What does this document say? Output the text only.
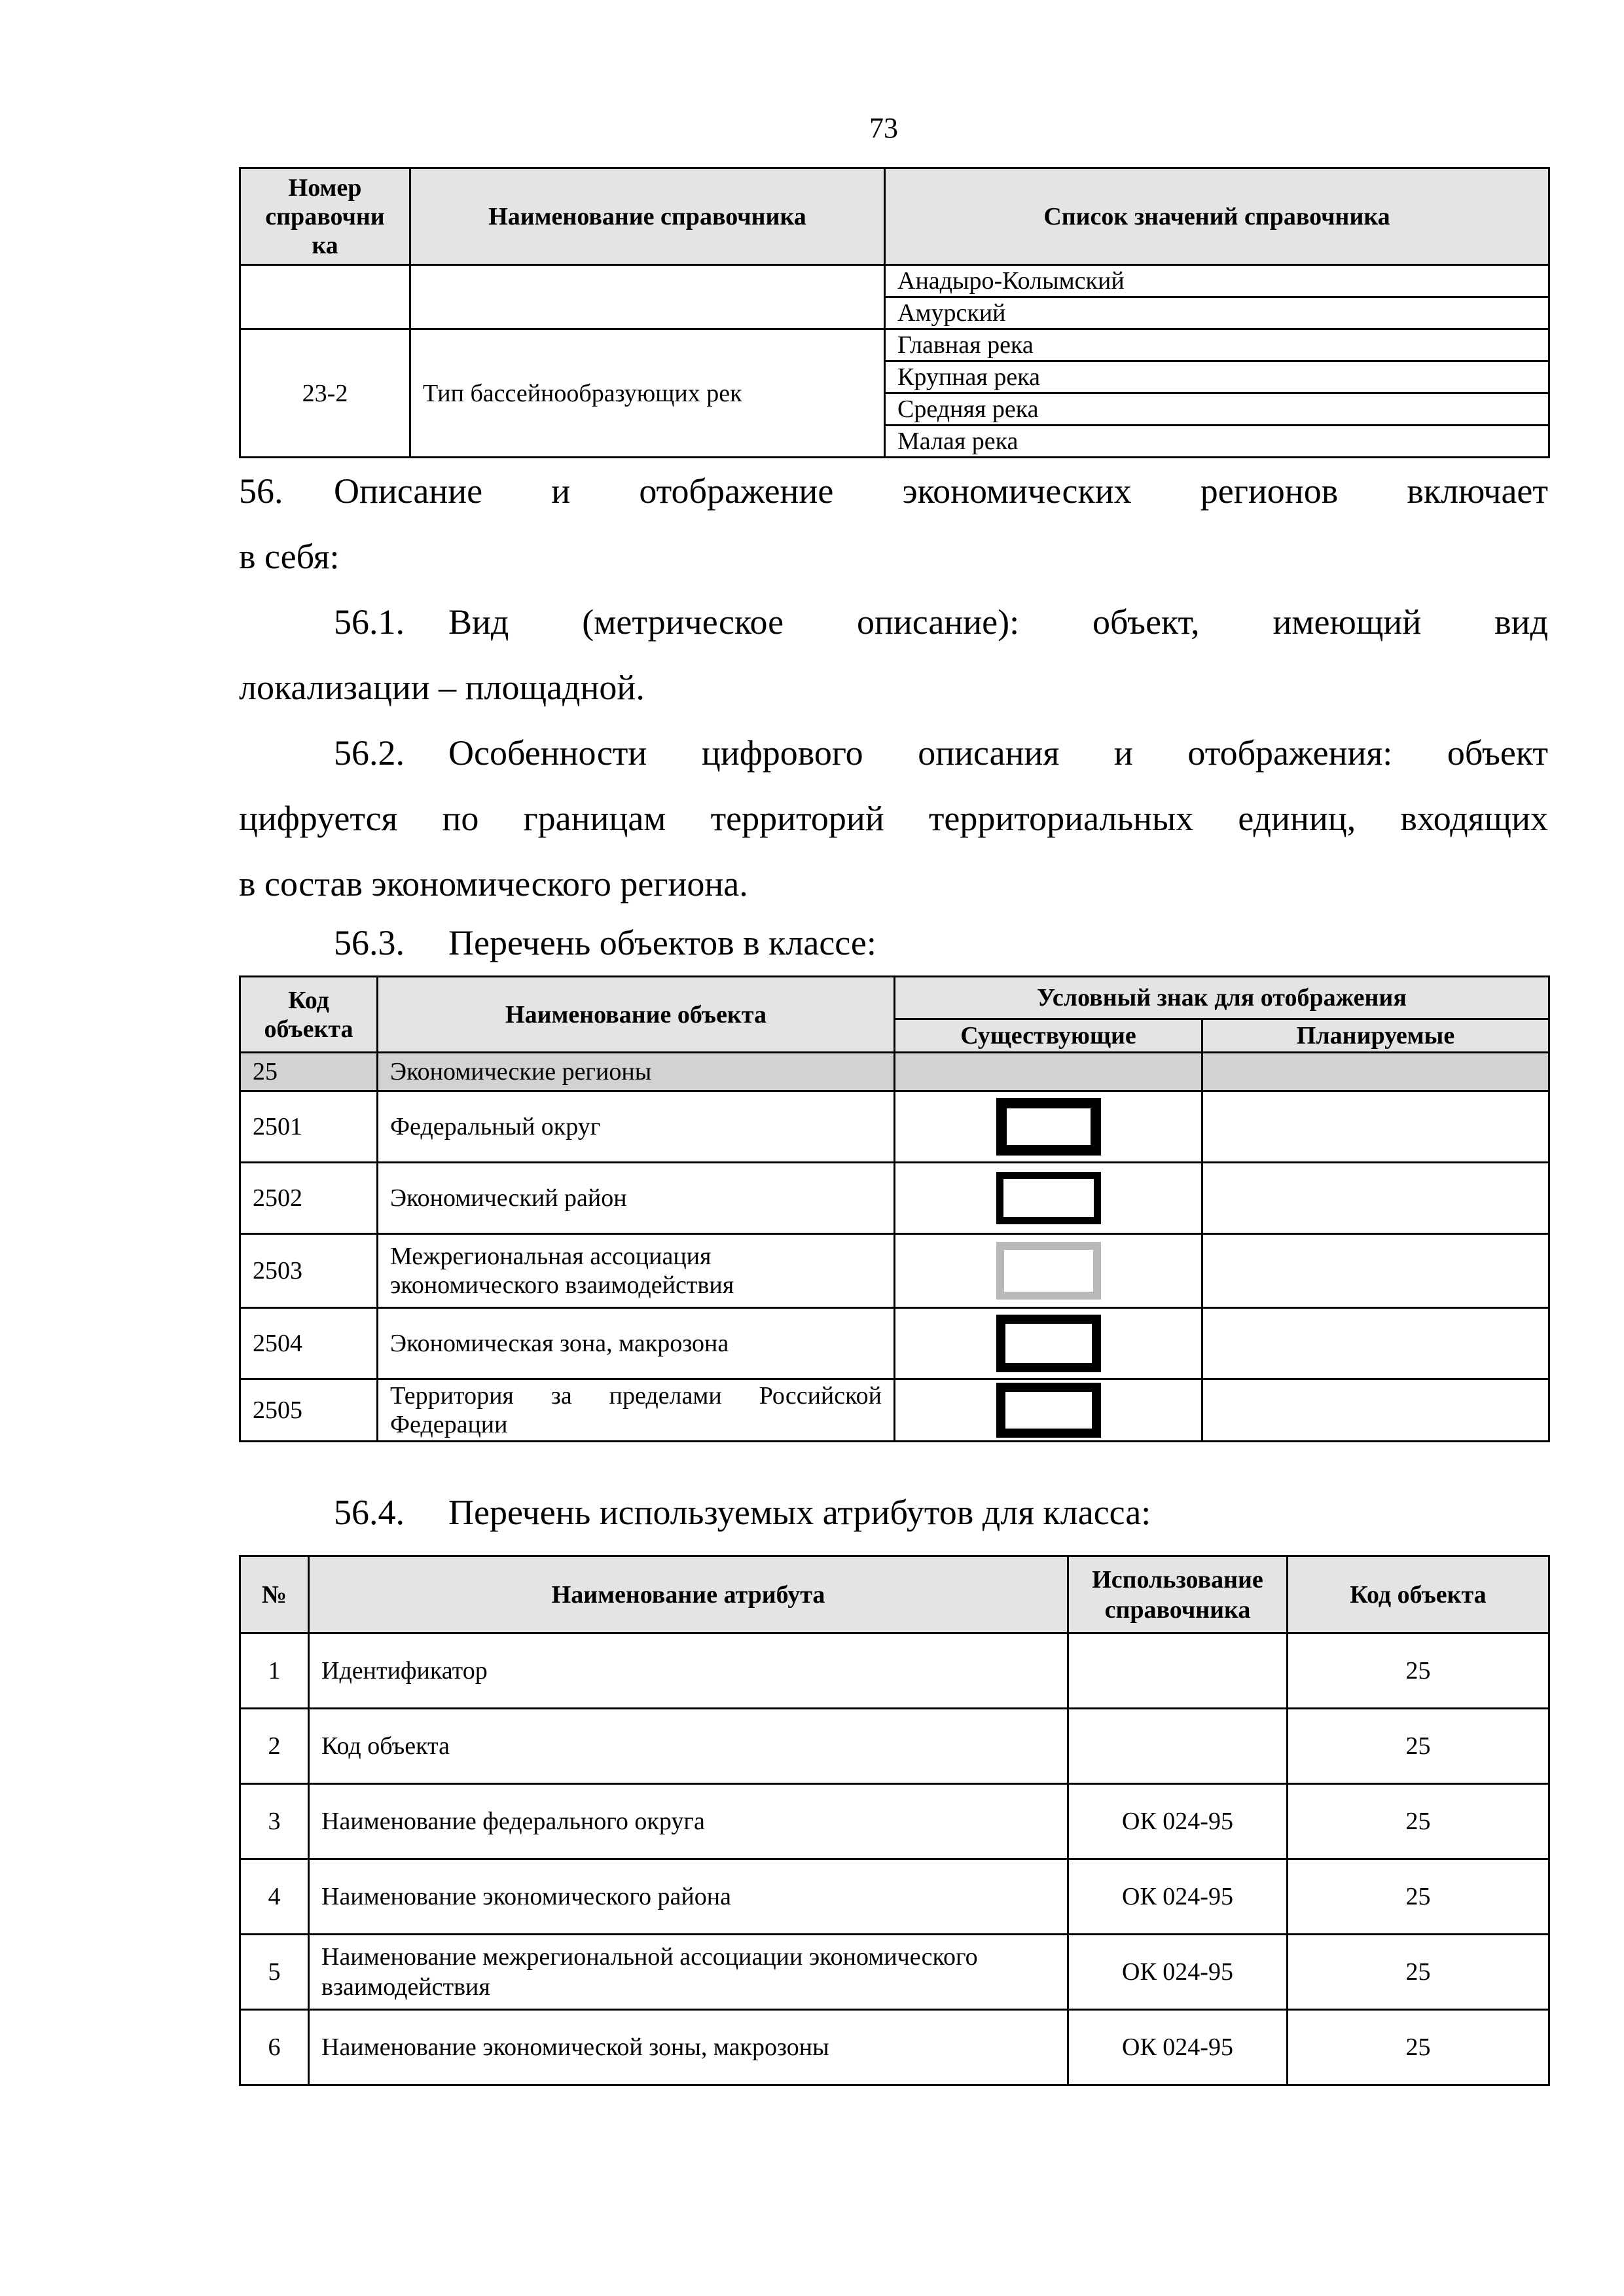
73
Номер
справочни
ка	Наименование справочника	Список значений справочника
		Анадыро-Колымский
		Амурский
23-2	Тип бассейнообразующих рек	Главная река
		Крупная река
		Средняя река
		Малая река
56. Описание и отображение экономических регионов включает
в себя:
56.1. Вид (метрическое описание): объект, имеющий вид
локализации – площадной.
56.2. Особенности цифрового описания и отображения: объект
цифруется по границам территорий территориальных единиц, входящих
в состав экономического региона.
56.3. Перечень объектов в классе:
Код
объекта	Наименование объекта	Условный знак для отображения	
		Существующие	Планируемые
25	Экономические регионы		
2501	Федеральный округ	

2502	Экономический район	

2503	Межрегиональная ассоциация экономического взаимодействия	

2504	Экономическая зона, макрозона	

2505	Территория за пределами Российской Федерации	

56.4. Перечень используемых атрибутов для класса:
№	Наименование атрибута	Использование
справочника	Код объекта
1	Идентификатор		25
2	Код объекта		25
3	Наименование федерального округа	ОК 024-95	25
4	Наименование экономического района	ОК 024-95	25
5	Наименование межрегиональной ассоциации экономического взаимодействия	ОК 024-95	25
6	Наименование экономической зоны, макрозоны	ОК 024-95	25
